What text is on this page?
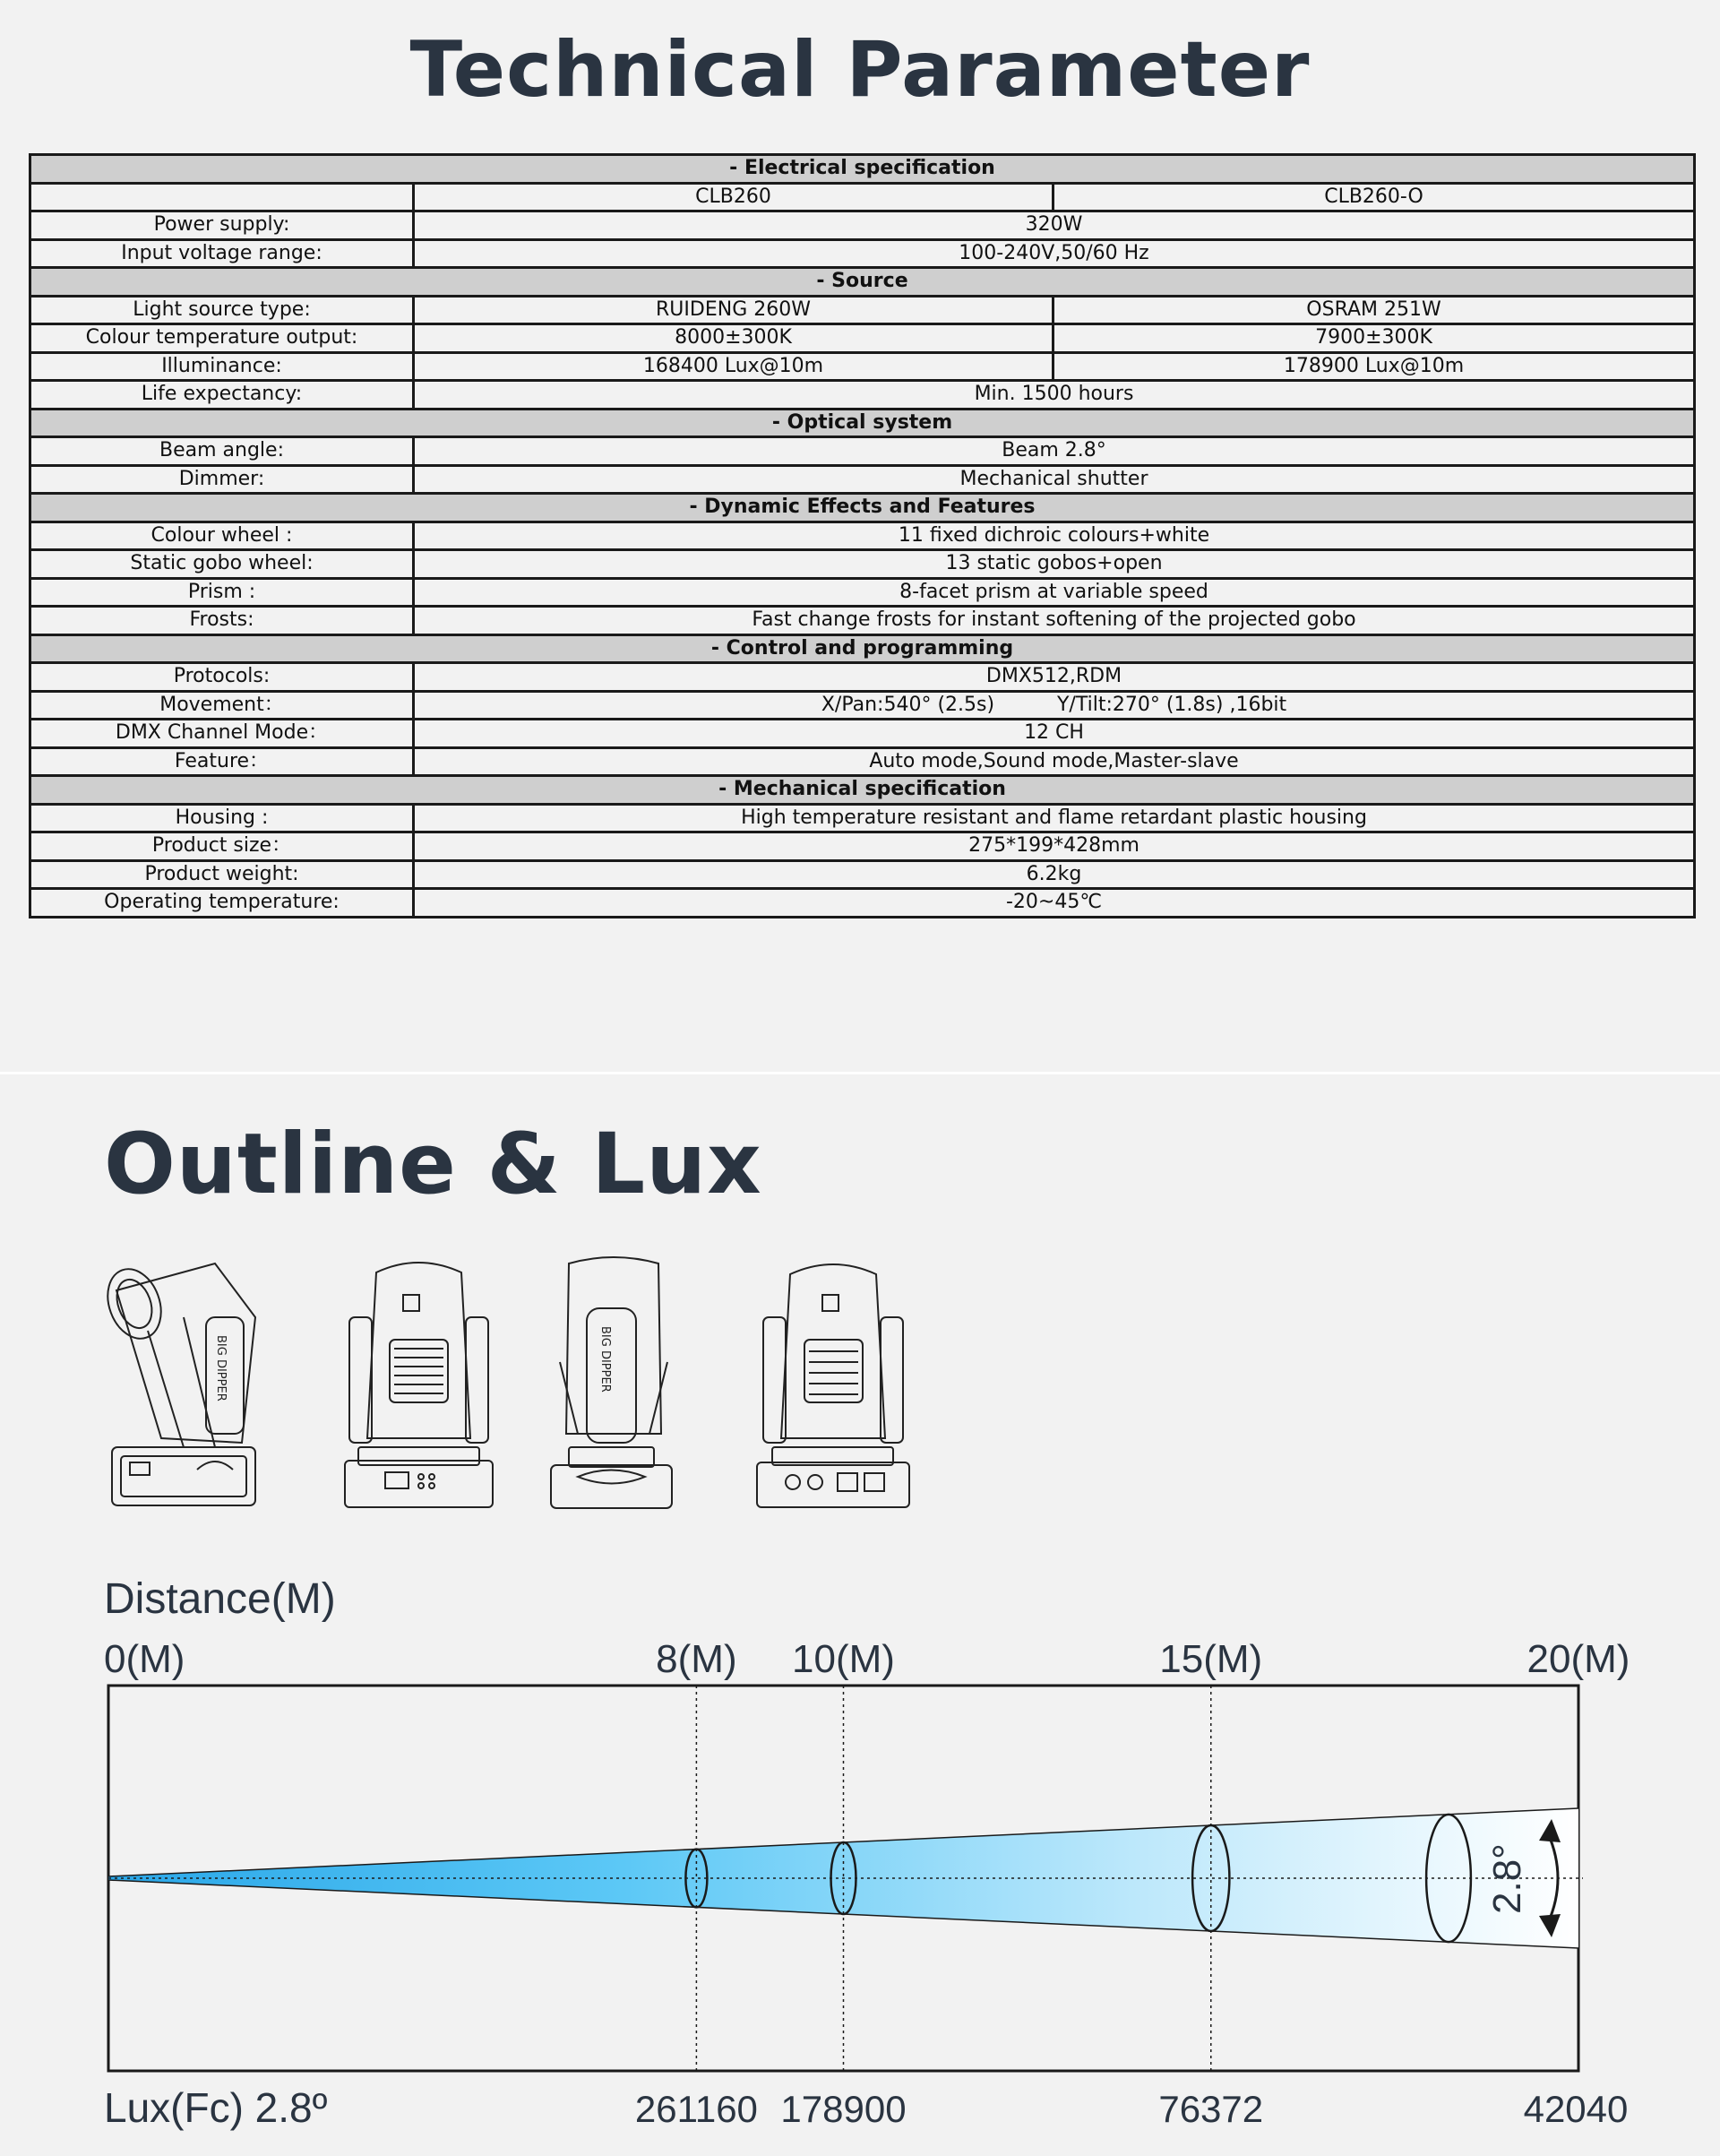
Technical Parameter
- Electrical specification		
	CLB260	CLB260-O
Power supply:	320W	
Input voltage range:	100-240V,50/60 Hz	
- Source		
Light source type:	RUIDENG 260W	OSRAM 251W
Colour temperature output:	8000±300K	7900±300K
Illuminance:	168400 Lux@10m	178900 Lux@10m
Life expectancy:	Min. 1500 hours	
- Optical system		
Beam angle:	Beam 2.8°	
Dimmer:	Mechanical shutter	
- Dynamic Effects and Features		
Colour wheel :	11 fixed dichroic colours+white	
Static gobo wheel:	13 static gobos+open	
Prism :	8-facet prism at variable speed	
Frosts:	Fast change frosts for instant softening of the projected gobo	
- Control and programming		
Protocols:	DMX512,RDM	
Movement：	X/Pan:540° (2.5s)          Y/Tilt:270° (1.8s) ,16bit	
DMX Channel Mode：	12 CH	
Feature：	Auto mode,Sound mode,Master-slave	
- Mechanical specification		
Housing :	High temperature resistant and flame retardant plastic housing	
Product size：	275*199*428mm	
Product weight:	6.2kg	
Operating temperature:	-20~45℃	
Outline & Lux
BIG DIPPER	BIG DIPPER
Distance(M)
0(M)	8(M) 10(M)	15(M)	20(M)
2.8°
Lux(Fc) 2.8º	261160 178900	76372	42040
